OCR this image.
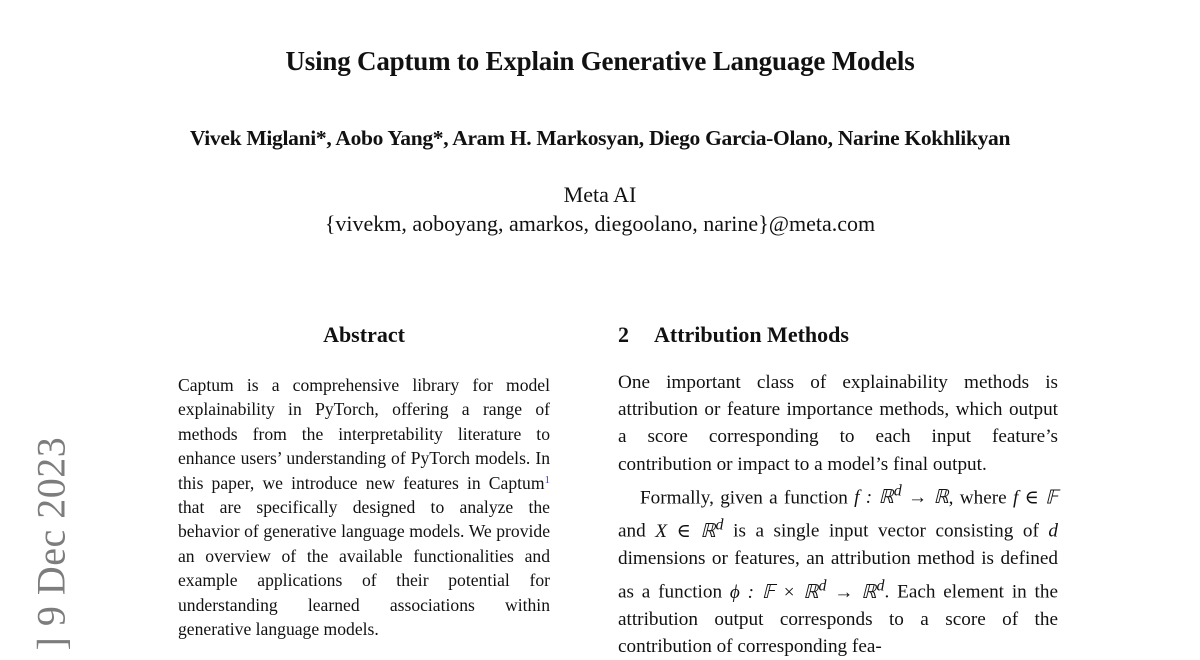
Using Captum to Explain Generative Language Models
Vivek Miglani*, Aobo Yang*, Aram H. Markosyan, Diego Garcia-Olano, Narine Kokhlikyan
Meta AI
{vivekm, aoboyang, amarkos, diegoolano, narine}@meta.com
] 9 Dec 2023
Abstract
Captum is a comprehensive library for model explainability in PyTorch, offering a range of methods from the interpretability literature to enhance users’ understanding of PyTorch models. In this paper, we introduce new features in Captum$^1$ that are specifically designed to analyze the behavior of generative language models. We provide an overview of the available functionalities and example applications of their potential for understanding learned associations within generative language models.
2 Attribution Methods

One important class of explainability methods is attribution or feature importance methods, which output a score corresponding to each input feature’s contribution or impact to a model’s final output.

Formally, given a function f : ℝ$^d$ → ℝ, where f ∈ 𝔽 and X ∈ ℝ$^d$ is a single input vector consisting of d dimensions or features, an attribution method is defined as a function ϕ : 𝔽 × ℝ$^d$ → ℝ$^d$. Each element in the attribution output corresponds to a score of the contribution of corresponding fea-
